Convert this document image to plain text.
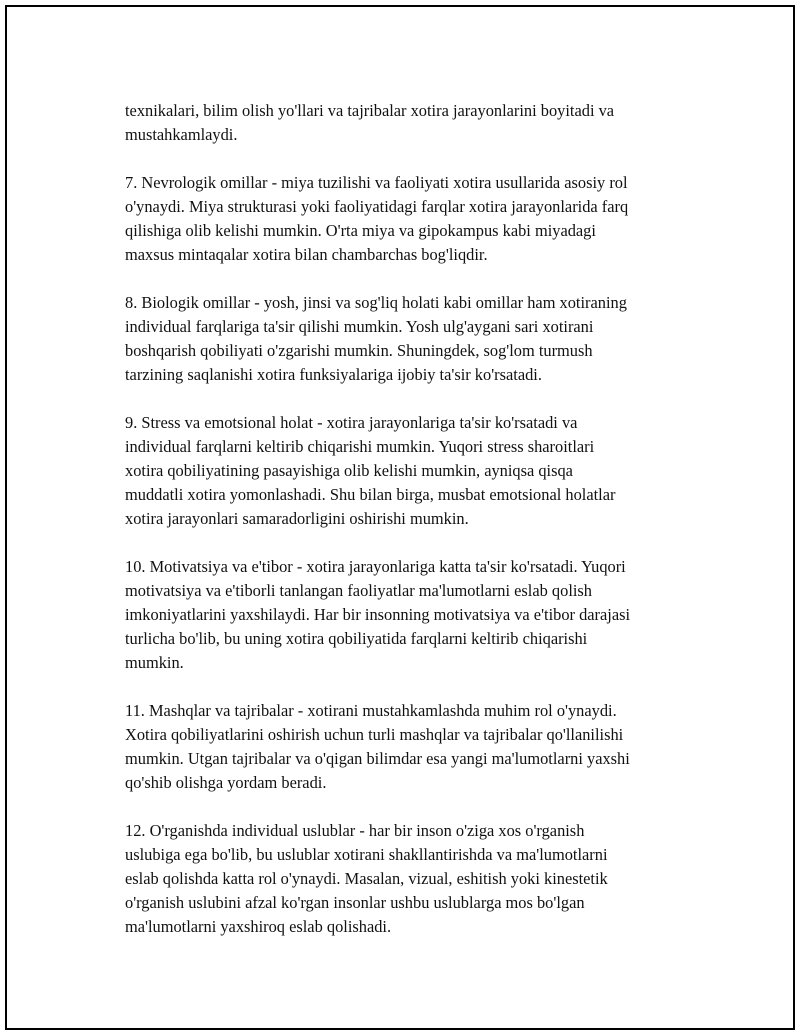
texnikalari, bilim olish yo'llari va tajribalar xotira jarayonlarini boyitadi va
mustahkamlaydi.

7. Nevrologik omillar - miya tuzilishi va faoliyati xotira usullarida asosiy rol
o'ynaydi. Miya strukturasi yoki faoliyatidagi farqlar xotira jarayonlarida farq
qilishiga olib kelishi mumkin. O'rta miya va gipokampus kabi miyadagi
maxsus mintaqalar xotira bilan chambarchas bog'liqdir.

8. Biologik omillar - yosh, jinsi va sog'liq holati kabi omillar ham xotiraning
individual farqlariga ta'sir qilishi mumkin. Yosh ulg'aygani sari xotirani
boshqarish qobiliyati o'zgarishi mumkin. Shuningdek, sog'lom turmush
tarzining saqlanishi xotira funksiyalariga ijobiy ta'sir ko'rsatadi.

9. Stress va emotsional holat - xotira jarayonlariga ta'sir ko'rsatadi va
individual farqlarni keltirib chiqarishi mumkin. Yuqori stress sharoitlari
xotira qobiliyatining pasayishiga olib kelishi mumkin, ayniqsa qisqa
muddatli xotira yomonlashadi. Shu bilan birga, musbat emotsional holatlar
xotira jarayonlari samaradorligini oshirishi mumkin.

10. Motivatsiya va e'tibor - xotira jarayonlariga katta ta'sir ko'rsatadi. Yuqori
motivatsiya va e'tiborli tanlangan faoliyatlar ma'lumotlarni eslab qolish
imkoniyatlarini yaxshilaydi. Har bir insonning motivatsiya va e'tibor darajasi
turlicha bo'lib, bu uning xotira qobiliyatida farqlarni keltirib chiqarishi
mumkin.

11. Mashqlar va tajribalar - xotirani mustahkamlashda muhim rol o'ynaydi.
Xotira qobiliyatlarini oshirish uchun turli mashqlar va tajribalar qo'llanilishi
mumkin. Utgan tajribalar va o'qigan bilimdar esa yangi ma'lumotlarni yaxshi
qo'shib olishga yordam beradi.

12. O'rganishda individual uslublar - har bir inson o'ziga xos o'rganish
uslubiga ega bo'lib, bu uslublar xotirani shakllantirishda va ma'lumotlarni
eslab qolishda katta rol o'ynaydi. Masalan, vizual, eshitish yoki kinestetik
o'rganish uslubini afzal ko'rgan insonlar ushbu uslublarga mos bo'lgan
ma'lumotlarni yaxshiroq eslab qolishadi.
